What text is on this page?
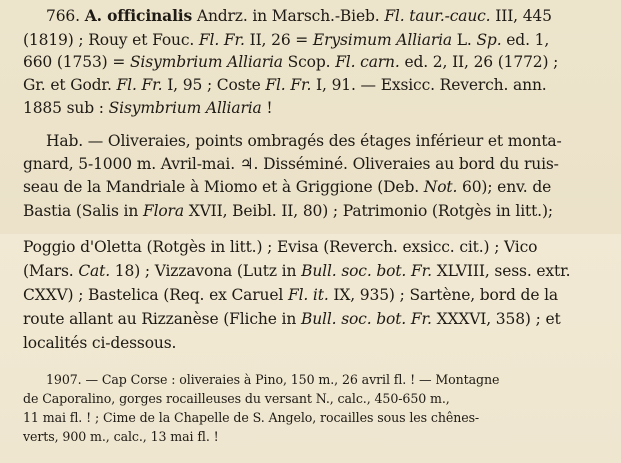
766. A. officinalis Andrz. in Marsch.-Bieb. Fl. taur.-cauc. III, 445
(1819) ; Rouy et Fouc. Fl. Fr. II, 26 = Erysimum Alliaria L. Sp. ed. 1,
660 (1753) = Sisymbrium Alliaria Scop. Fl. carn. ed. 2, II, 26 (1772) ;
Gr. et Godr. Fl. Fr. I, 95 ; Coste Fl. Fr. I, 91. — Exsicc. Reverch. ann.
1885 sub : Sisymbrium Alliaria !
Hab. — Oliveraies, points ombragés des étages inférieur et monta-
gnard, 5-1000 m. Avril-mai. ♃. Disséminé. Oliveraies au bord du ruis-
seau de la Mandriale à Miomo et à Griggione (Deb. Not. 60); env. de
Bastia (Salis in Flora XVII, Beibl. II, 80) ; Patrimonio (Rotgès in litt.);
Poggio d'Oletta (Rotgès in litt.) ; Evisa (Reverch. exsicc. cit.) ; Vico
(Mars. Cat. 18) ; Vizzavona (Lutz in Bull. soc. bot. Fr. XLVIII, sess. extr.
CXXV) ; Bastelica (Req. ex Caruel Fl. it. IX, 935) ; Sartène, bord de la
route allant au Rizzanèse (Fliche in Bull. soc. bot. Fr. XXXVI, 358) ; et
localités ci-dessous.
1907. — Cap Corse : oliveraies à Pino, 150 m., 26 avril fl. ! — Montagne
de Caporalino, gorges rocailleuses du versant N., calc., 450-650 m.,
11 mai fl. ! ; Cime de la Chapelle de S. Angelo, rocailles sous les chênes-
verts, 900 m., calc., 13 mai fl. !
